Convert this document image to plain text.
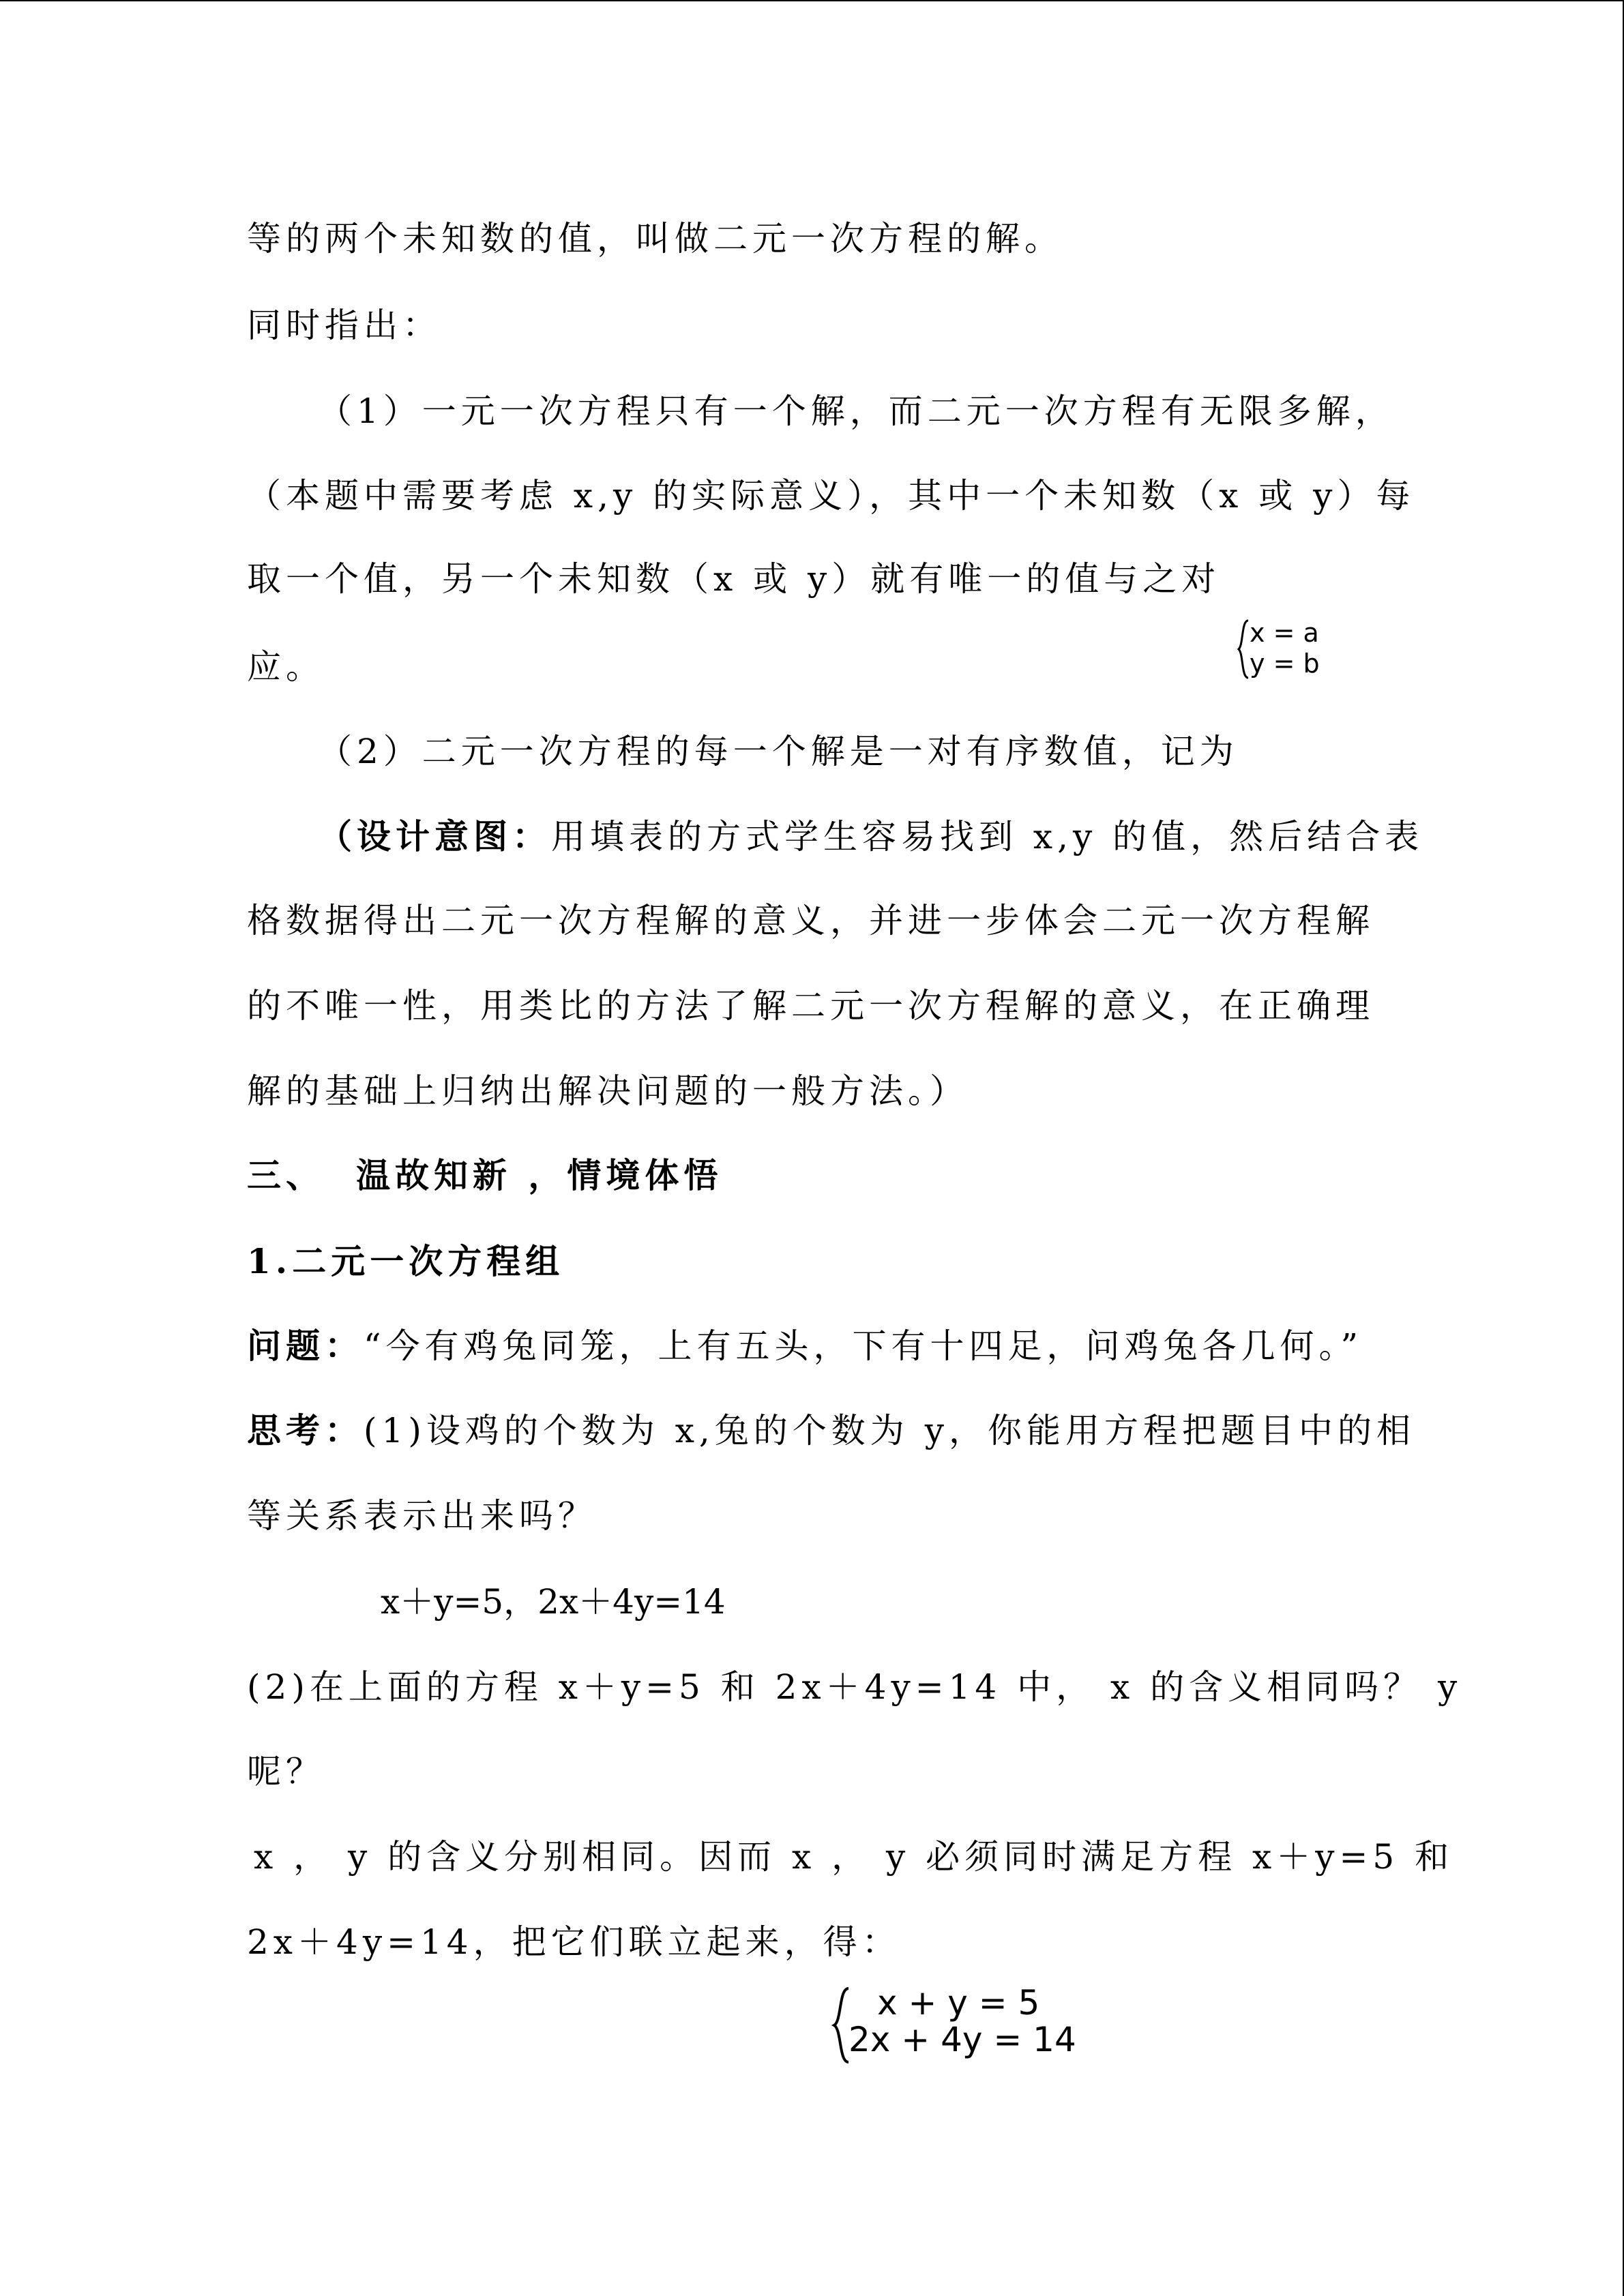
等的两个未知数的值，叫做二元一次方程的解。
同时指出：
（1）一元一次方程只有一个解，而二元一次方程有无限多解，
（本题中需要考虑 x,y 的实际意义），其中一个未知数（x 或 y）每
取一个值，另一个未知数（x 或 y）就有唯一的值与之对
应。
x = a
y = b
（2）二元一次方程的每一个解是一对有序数值，记为
（设计意图：用填表的方式学生容易找到 x,y 的值，然后结合表
格数据得出二元一次方程解的意义，并进一步体会二元一次方程解
的不唯一性，用类比的方法了解二元一次方程解的意义，在正确理
解的基础上归纳出解决问题的一般方法。）
三、 温故知新 ，情境体悟
1.二元一次方程组
问题：“今有鸡兔同笼，上有五头，下有十四足，问鸡兔各几何。”
思考：(1)设鸡的个数为 x,兔的个数为 y，你能用方程把题目中的相
等关系表示出来吗？
x＋y=5，2x＋4y=14
(2)在上面的方程 x＋y=5 和 2x＋4y=14 中， x 的含义相同吗？ y
呢？
x ， y 的含义分别相同。因而 x ， y 必须同时满足方程 x＋y=5 和
2x＋4y=14，把它们联立起来，得：
x + y = 5
2x + 4y = 14
